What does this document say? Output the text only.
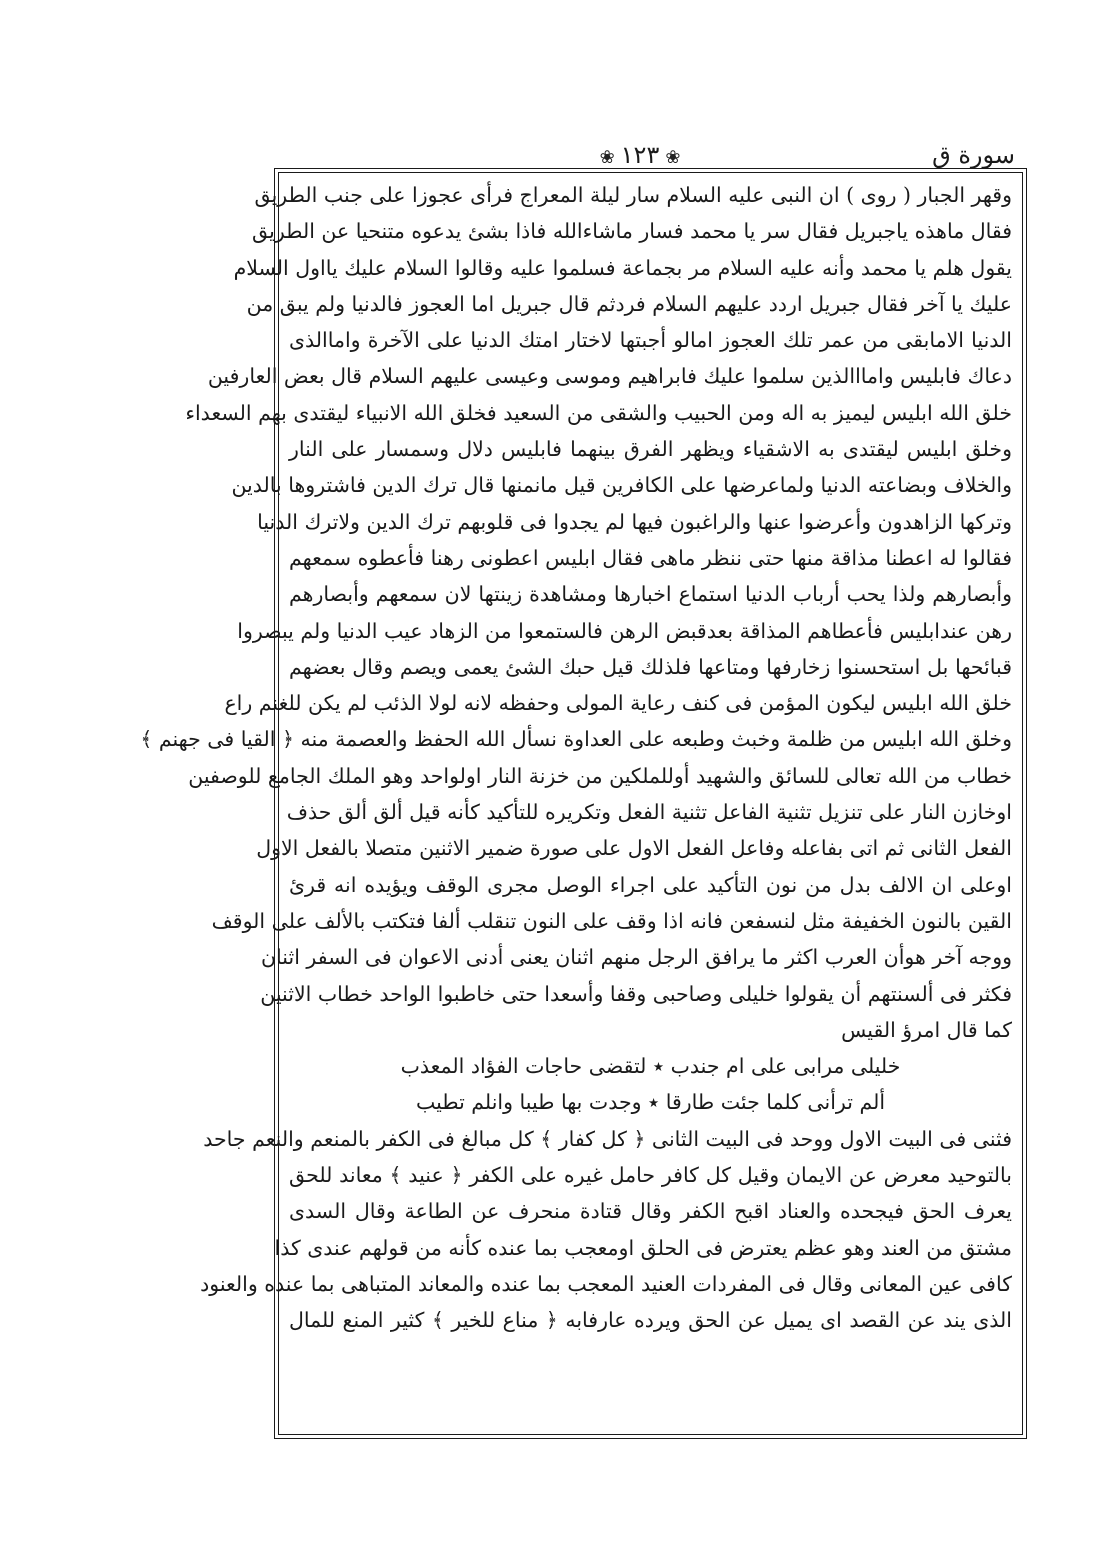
سورة ق
❀ ١٢٣ ❀
وقهر الجبار ( روى ) ان النبى عليه السلام سار ليلة المعراج فرأى عجوزا على جنب الطريق
فقال ماهذه ياجبريل فقال سر يا محمد فسار ماشاءالله فاذا بشئ يدعوه متنحيا عن الطريق
يقول هلم يا محمد وأنه عليه السلام مر بجماعة فسلموا عليه وقالوا السلام عليك يااول السلام
عليك يا آخر فقال جبريل اردد عليهم السلام فردثم قال جبريل اما العجوز فالدنيا ولم يبق من
الدنيا الامابقى من عمر تلك العجوز امالو أجبتها لاختار امتك الدنيا على الآخرة واماالذى
دعاك فابليس وامااالذين سلموا عليك فابراهيم وموسى وعيسى عليهم السلام قال بعض العارفين
خلق الله ابليس ليميز به اله ومن الحبيب والشقى من السعيد فخلق الله الانبياء ليقتدى بهم السعداء
وخلق ابليس ليقتدى به الاشقياء ويظهر الفرق بينهما فابليس دلال وسمسار على النار
والخلاف وبضاعته الدنيا ولماعرضها على الكافرين قيل مانمنها قال ترك الدين فاشتروها بالدين
وتركها الزاهدون وأعرضوا عنها والراغبون فيها لم يجدوا فى قلوبهم ترك الدين ولاترك الدنيا
فقالوا له اعطنا مذاقة منها حتى ننظر ماهى فقال ابليس اعطونى رهنا فأعطوه سمعهم
وأبصارهم ولذا يحب أرباب الدنيا استماع اخبارها ومشاهدة زينتها لان سمعهم وأبصارهم
رهن عندابليس فأعطاهم المذاقة بعدقبض الرهن فالستمعوا من الزهاد عيب الدنيا ولم يبصروا
قبائحها بل استحسنوا زخارفها ومتاعها فلذلك قيل حبك الشئ يعمى ويصم وقال بعضهم
خلق الله ابليس ليكون المؤمن فى كنف رعاية المولى وحفظه لانه لولا الذئب لم يكن للغنم راع
وخلق الله ابليس من ظلمة وخبث وطبعه على العداوة نسأل الله الحفظ والعصمة منه ﴿ القيا فى جهنم ﴾
خطاب من الله تعالى للسائق والشهيد أوللملكين من خزنة النار اولواحد وهو الملك الجامع للوصفين
اوخازن النار على تنزيل تثنية الفاعل تثنية الفعل وتكريره للتأكيد كأنه قيل ألق ألق حذف
الفعل الثانى ثم اتى بفاعله وفاعل الفعل الاول على صورة ضمير الاثنين متصلا بالفعل الاول
اوعلى ان الالف بدل من نون التأكيد على اجراء الوصل مجرى الوقف ويؤيده انه قرئ
القين بالنون الخفيفة مثل لنسفعن فانه اذا وقف على النون تنقلب ألفا فتكتب بالألف على الوقف
ووجه آخر هوأن العرب اكثر ما يرافق الرجل منهم اثنان يعنى أدنى الاعوان فى السفر اثنان
فكثر فى ألسنتهم أن يقولوا خليلى وصاحبى وقفا وأسعدا حتى خاطبوا الواحد خطاب الاثنين
كما قال امرؤ القيس
خليلى مرابى على ام جندب ٭ لتقضى حاجات الفؤاد المعذب
ألم ترأنى كلما جئت طارقا ٭ وجدت بها طيبا وانلم تطيب
فثنى فى البيت الاول ووحد فى البيت الثانى ﴿ كل كفار ﴾ كل مبالغ فى الكفر بالمنعم والنعم جاحد
بالتوحيد معرض عن الايمان وقيل كل كافر حامل غيره على الكفر ﴿ عنيد ﴾ معاند للحق
يعرف الحق فيجحده والعناد اقبح الكفر وقال قتادة منحرف عن الطاعة وقال السدى
مشتق من العند وهو عظم يعترض فى الحلق اومعجب بما عنده كأنه من قولهم عندى كذا
كافى عين المعانى وقال فى المفردات العنيد المعجب بما عنده والمعاند المتباهى بما عنده والعنود
الذى يند عن القصد اى يميل عن الحق ويرده عارفابه ﴿ مناع للخير ﴾ كثير المنع للمال
